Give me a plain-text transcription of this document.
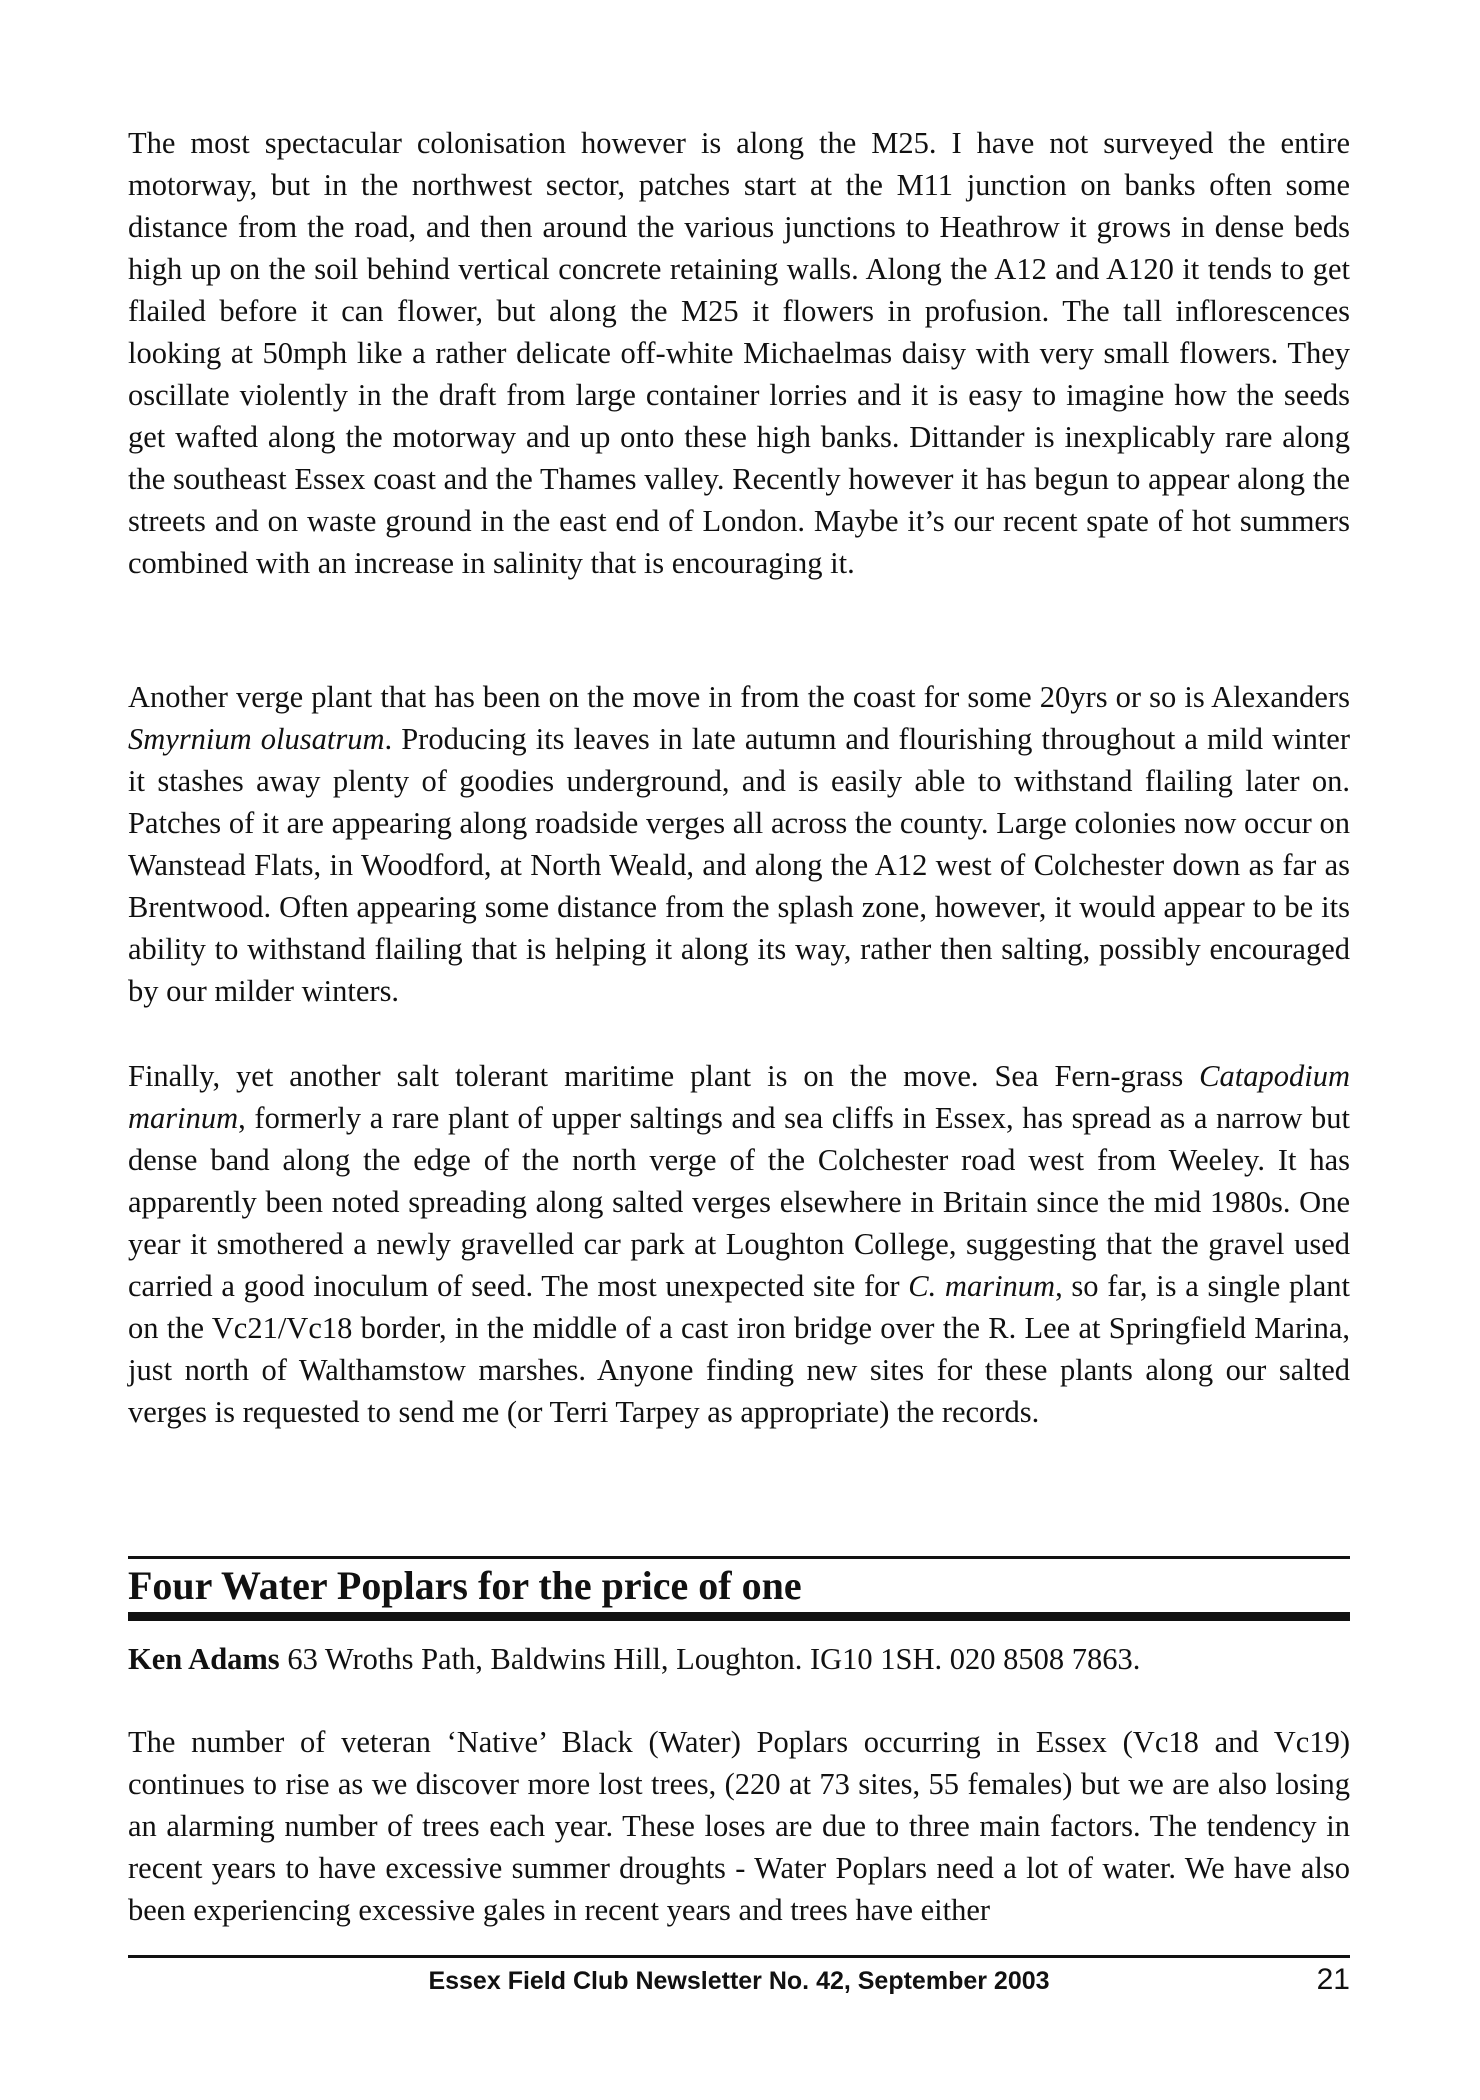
The most spectacular colonisation however is along the M25. I have not surveyed the entire motorway, but in the northwest sector, patches start at the M11 junction on banks often some distance from the road, and then around the various junctions to Heathrow it grows in dense beds high up on the soil behind vertical concrete retaining walls. Along the A12 and A120 it tends to get flailed before it can flower, but along the M25 it flowers in profusion. The tall inflorescences looking at 50mph like a rather delicate off-white Michaelmas daisy with very small flowers. They oscillate violently in the draft from large container lorries and it is easy to imagine how the seeds get wafted along the motorway and up onto these high banks. Dittander is inexplicably rare along the southeast Essex coast and the Thames valley. Recently however it has begun to appear along the streets and on waste ground in the east end of London. Maybe it’s our recent spate of hot summers combined with an increase in salinity that is encouraging it.

Another verge plant that has been on the move in from the coast for some 20yrs or so is Alexanders Smyrnium olusatrum. Producing its leaves in late autumn and flourishing throughout a mild winter it stashes away plenty of goodies underground, and is easily able to withstand flailing later on. Patches of it are appearing along roadside verges all across the county. Large colonies now occur on Wanstead Flats, in Woodford, at North Weald, and along the A12 west of Colchester down as far as Brentwood. Often appearing some distance from the splash zone, however, it would appear to be its ability to withstand flailing that is helping it along its way, rather then salting, possibly encouraged by our milder winters.

Finally, yet another salt tolerant maritime plant is on the move. Sea Fern-grass Catapodium marinum, formerly a rare plant of upper saltings and sea cliffs in Essex, has spread as a narrow but dense band along the edge of the north verge of the Colchester road west from Weeley. It has apparently been noted spreading along salted verges elsewhere in Britain since the mid 1980s. One year it smothered a newly gravelled car park at Loughton College, suggesting that the gravel used carried a good inoculum of seed. The most unexpected site for C. marinum, so far, is a single plant on the Vc21/Vc18 border, in the middle of a cast iron bridge over the R. Lee at Springfield Marina, just north of Walthamstow marshes. Anyone finding new sites for these plants along our salted verges is requested to send me (or Terri Tarpey as appropriate) the records.

Four Water Poplars for the price of one

Ken Adams 63 Wroths Path, Baldwins Hill, Loughton. IG10 1SH. 020 8508 7863.

The number of veteran ‘Native’ Black (Water) Poplars occurring in Essex (Vc18 and Vc19) continues to rise as we discover more lost trees, (220 at 73 sites, 55 females) but we are also losing an alarming number of trees each year. These loses are due to three main factors. The tendency in recent years to have excessive summer droughts - Water Poplars need a lot of water. We have also been experiencing excessive gales in recent years and trees have either

Essex Field Club Newsletter No. 42, September 2003	21
